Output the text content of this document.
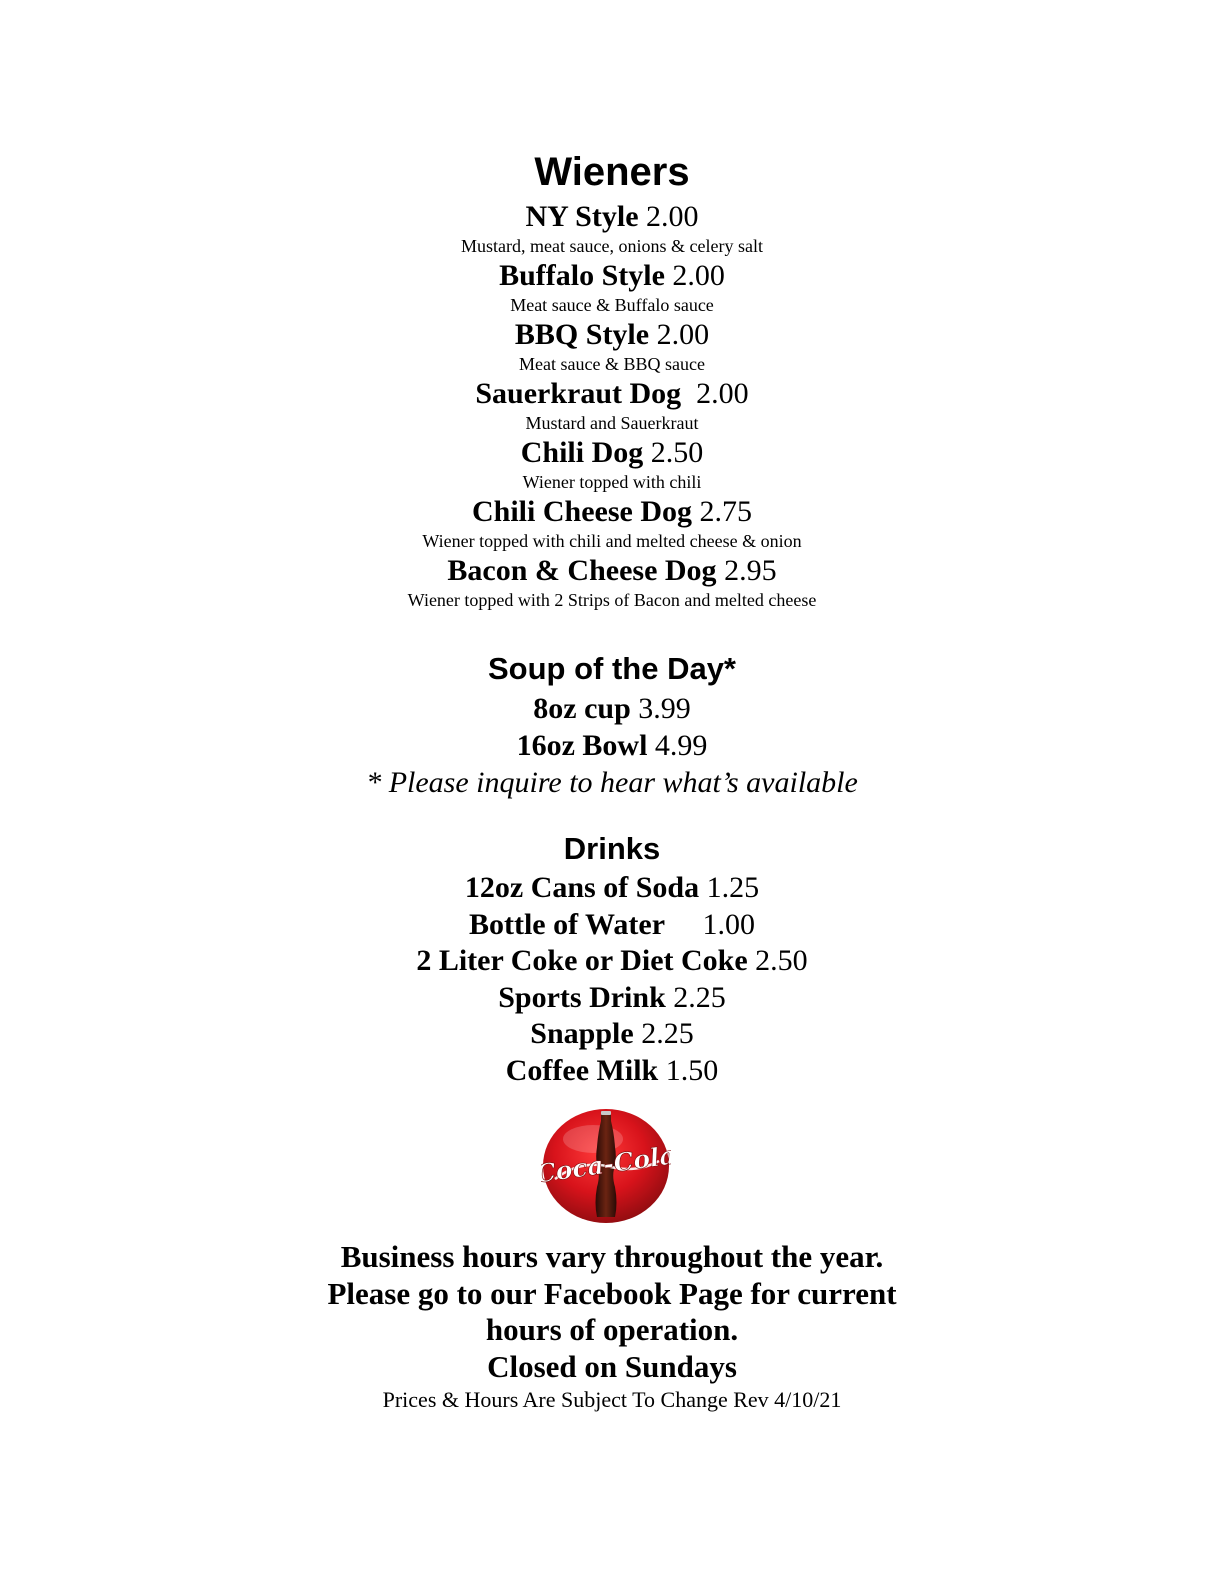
Wieners
NY Style 2.00
Mustard, meat sauce, onions & celery salt
Buffalo Style 2.00
Meat sauce & Buffalo sauce
BBQ Style 2.00
Meat sauce & BBQ sauce
Sauerkraut Dog 2.00
Mustard and Sauerkraut
Chili Dog 2.50
Wiener topped with chili
Chili Cheese Dog 2.75
Wiener topped with chili and melted cheese & onion
Bacon & Cheese Dog 2.95
Wiener topped with 2 Strips of Bacon and melted cheese
Soup of the Day*
8oz cup 3.99
16oz Bowl 4.99
* Please inquire to hear what’s available
Drinks
12oz Cans of Soda 1.25
Bottle of Water 1.00
2 Liter Coke or Diet Coke 2.50
Sports Drink 2.25
Snapple 2.25
Coffee Milk 1.50
Coca-Cola
Business hours vary throughout the year.
Please go to our Facebook Page for current
hours of operation.
Closed on Sundays
Prices & Hours Are Subject To Change Rev 4/10/21
